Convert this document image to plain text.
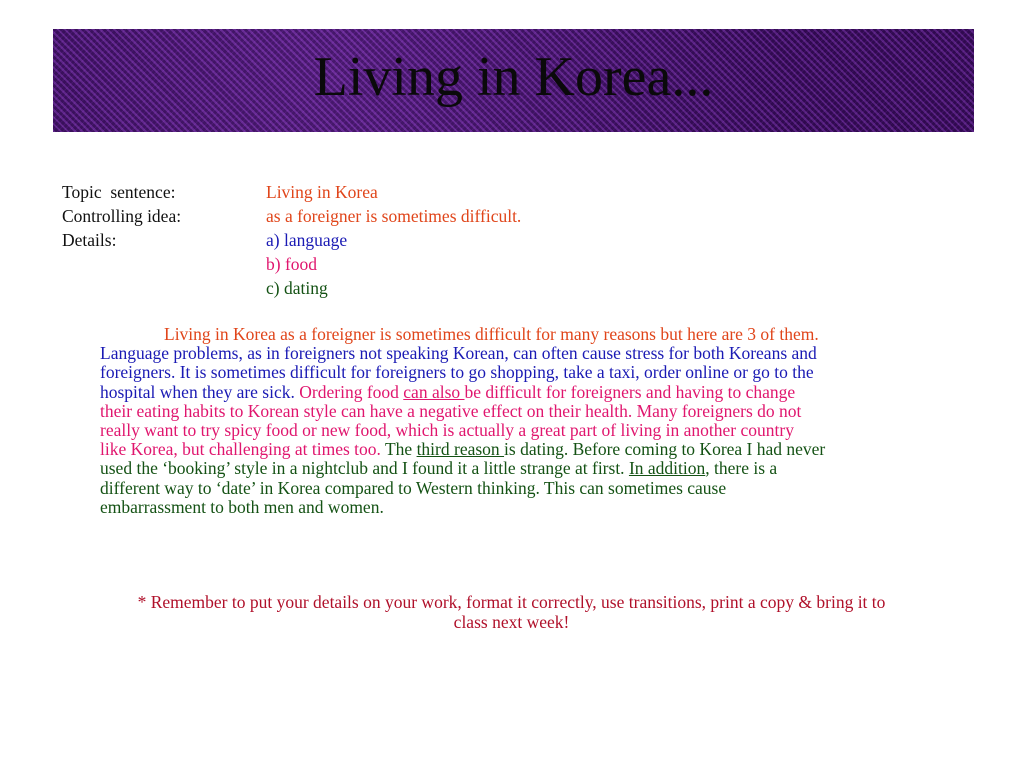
Living in Korea...
Topic  sentence:	Living in Korea
Controlling idea:	as a foreigner is sometimes difficult.
Details:	a) language
b) food
c) dating
Living in Korea as a foreigner is sometimes difficult for many reasons but here are 3 of them.
Language problems, as in foreigners not speaking Korean, can often cause stress for both Koreans and
foreigners. It is sometimes difficult for foreigners to go shopping, take a taxi, order online or go to the
hospital when they are sick. Ordering food can also be difficult for foreigners and having to change
their eating habits to Korean style can have a negative effect on their health. Many foreigners do not
really want to try spicy food or new food, which is actually a great part of living in another country
like Korea, but challenging at times too. The third reason is dating. Before coming to Korea I had never
used the ‘booking’ style in a nightclub and I found it a little strange at first. In addition, there is a
different way to ‘date’ in Korea compared to Western thinking. This can sometimes cause
embarrassment to both men and women.
* Remember to put your details on your work, format it correctly, use transitions, print a copy & bring it to
class next week!
